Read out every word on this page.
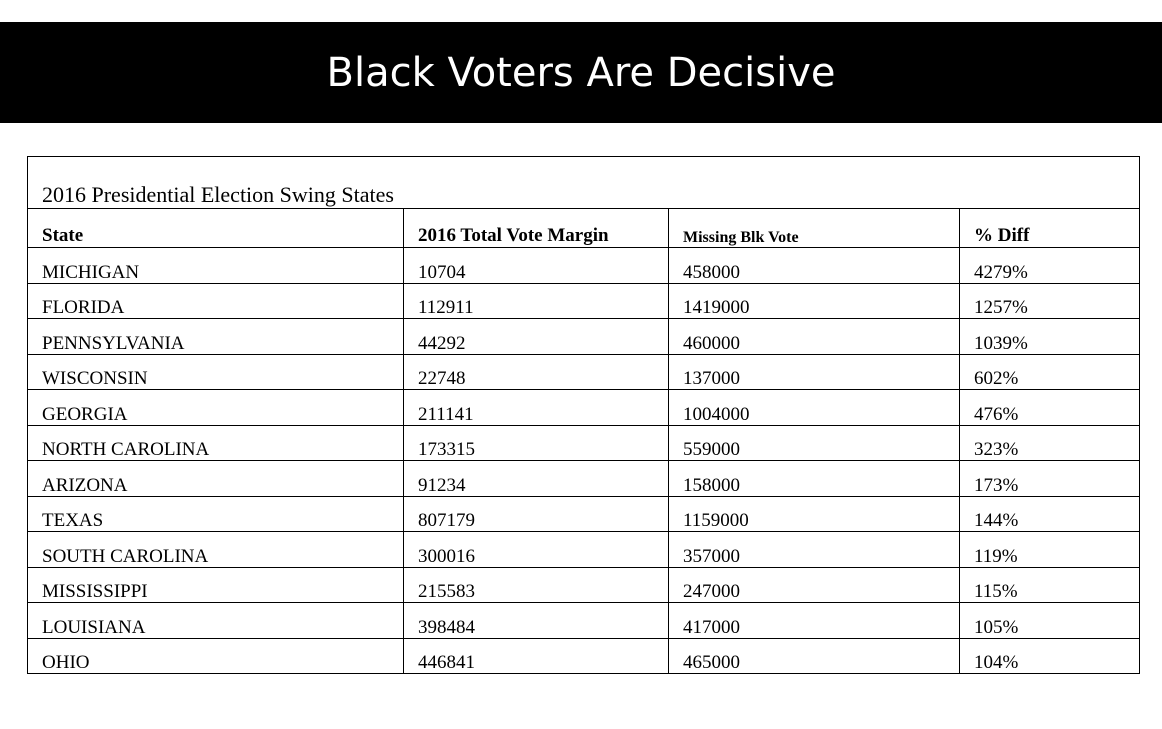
Black Voters Are Decisive
2016 Presidential Election Swing States			
State	2016 Total Vote Margin	Missing Blk Vote	% Diff
MICHIGAN	10704	458000	4279%
FLORIDA	112911	1419000	1257%
PENNSYLVANIA	44292	460000	1039%
WISCONSIN	22748	137000	602%
GEORGIA	211141	1004000	476%
NORTH CAROLINA	173315	559000	323%
ARIZONA	91234	158000	173%
TEXAS	807179	1159000	144%
SOUTH CAROLINA	300016	357000	119%
MISSISSIPPI	215583	247000	115%
LOUISIANA	398484	417000	105%
OHIO	446841	465000	104%
